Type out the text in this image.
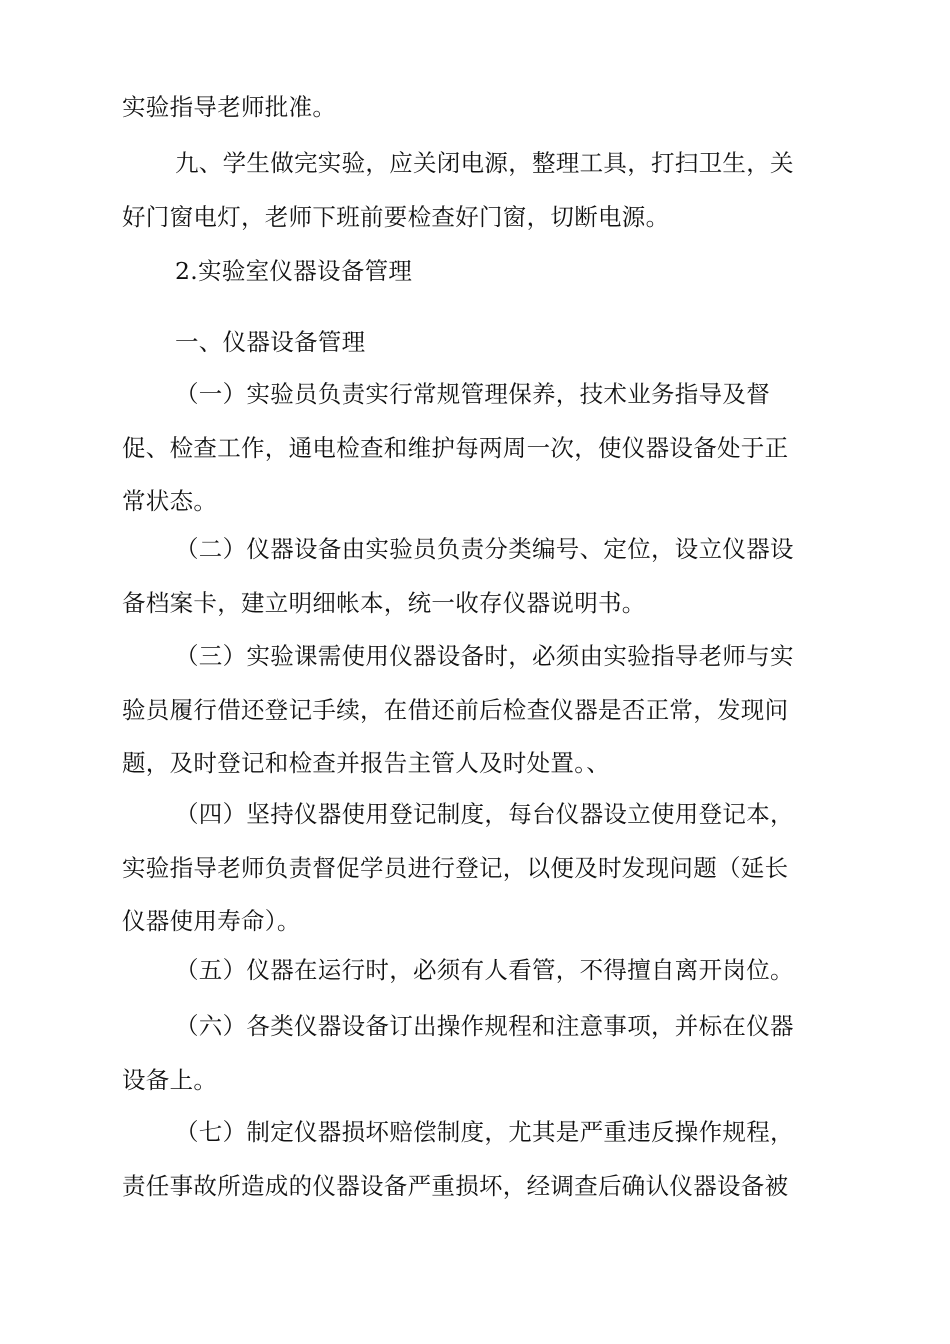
实验指导老师批准。

九、学生做完实验，应关闭电源，整理工具，打扫卫生，关
好门窗电灯，老师下班前要检查好门窗，切断电源。

2.实验室仪器设备管理

一、仪器设备管理

（一）实验员负责实行常规管理保养，技术业务指导及督
促、检查工作，通电检查和维护每两周一次，使仪器设备处于正
常状态。

（二）仪器设备由实验员负责分类编号、定位，设立仪器设
备档案卡，建立明细帐本，统一收存仪器说明书。

（三）实验课需使用仪器设备时，必须由实验指导老师与实
验员履行借还登记手续，在借还前后检查仪器是否正常，发现问
题，及时登记和检查并报告主管人及时处置。、

（四）坚持仪器使用登记制度，每台仪器设立使用登记本，
实验指导老师负责督促学员进行登记，以便及时发现问题（延长
仪器使用寿命）。

（五）仪器在运行时，必须有人看管，不得擅自离开岗位。

（六）各类仪器设备订出操作规程和注意事项，并标在仪器
设备上。

（七）制定仪器损坏赔偿制度，尤其是严重违反操作规程，
责任事故所造成的仪器设备严重损坏，经调查后确认仪器设备被
